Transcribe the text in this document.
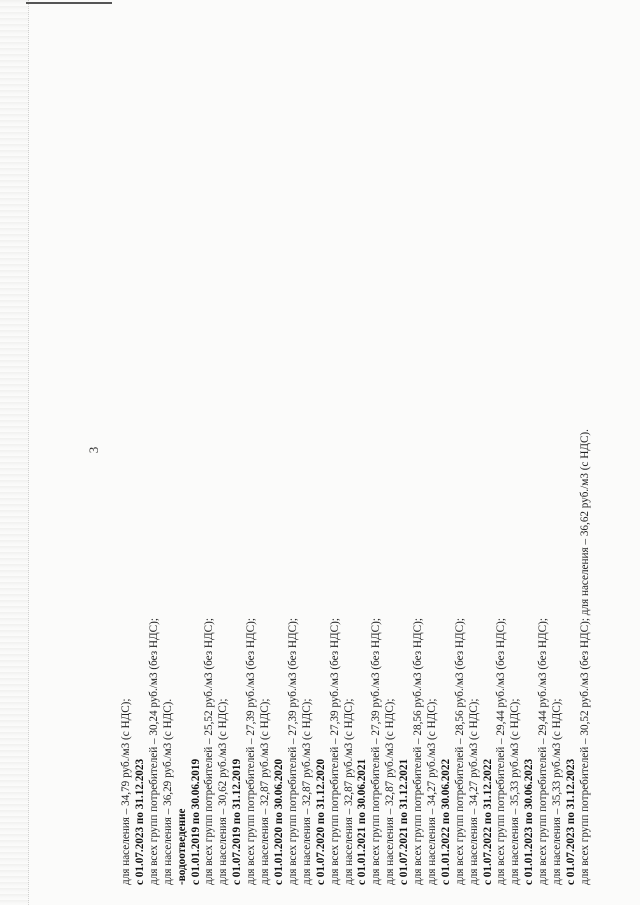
3
для населения – 34,79 руб./м3 (с НДС); с 01.07.2023 по 31.12.2023 для всех групп потребителей – 30,24 руб./м3 (без НДС); для населения – 36,29 руб./м3 (с НДС). -водоотведение с 01.01.2019 по 30.06.2019 для всех групп потребителей – 25,52 руб./м3 (без НДС); для населения – 30,62 руб./м3 (с НДС); с 01.07.2019 по 31.12.2019 для всех групп потребителей – 27,39 руб./м3 (без НДС); для населения – 32,87 руб./м3 (с НДС); с 01.01.2020 по 30.06.2020 для всех групп потребителей – 27,39 руб./м3 (без НДС); для населения – 32,87 руб./м3 (с НДС); с 01.07.2020 по 31.12.2020 для всех групп потребителей – 27,39 руб./м3 (без НДС); для населения – 32,87 руб./м3 (с НДС); с 01.01.2021 по 30.06.2021 для всех групп потребителей – 27,39 руб./м3 (без НДС); для населения – 32,87 руб./м3 (с НДС); с 01.07.2021 по 31.12.2021 для всех групп потребителей – 28,56 руб./м3 (без НДС); для населения – 34,27 руб./м3 (с НДС); с 01.01.2022 по 30.06.2022 для всех групп потребителей – 28,56 руб./м3 (без НДС); для населения – 34,27 руб./м3 (с НДС); с 01.07.2022 по 31.12.2022 для всех групп потребителей – 29,44 руб./м3 (без НДС); для населения – 35,33 руб./м3 (с НДС); с 01.01.2023 по 30.06.2023 для всех групп потребителей – 29,44 руб./м3 (без НДС); для населения – 35,33 руб./м3 (с НДС); с 01.07.2023 по 31.12.2023 для всех групп потребителей – 30,52 руб./м3 (без НДС); для населения – 36,62 руб./м3 (с НДС).
